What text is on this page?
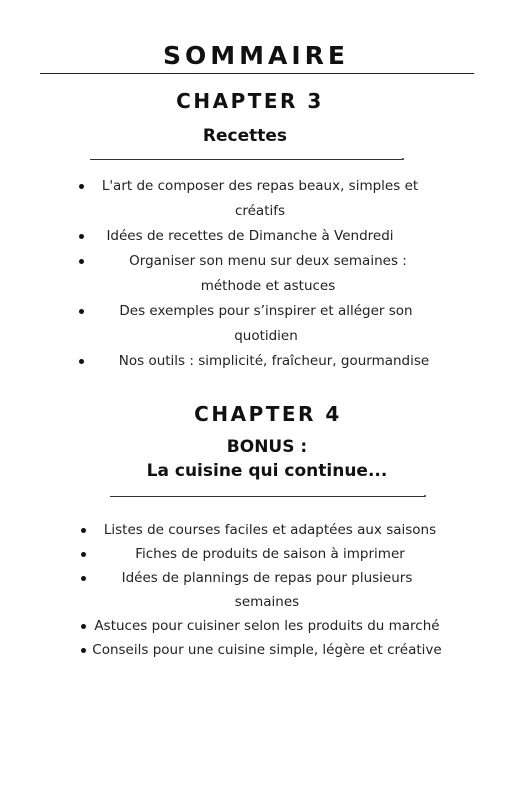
SOMMAIRE
CHAPTER 3
Recettes
L'art de composer des repas beaux, simples et créatifs
Idées de recettes de Dimanche à Vendredi
Organiser son menu sur deux semaines : méthode et astuces
Des exemples pour s’inspirer et alléger son quotidien
Nos outils : simplicité, fraîcheur, gourmandise
CHAPTER 4
BONUS :
La cuisine qui continue...
Listes de courses faciles et adaptées aux saisons
Fiches de produits de saison à imprimer
Idées de plannings de repas pour plusieurs semaines
Astuces pour cuisiner selon les produits du marché
Conseils pour une cuisine simple, légère et créative
